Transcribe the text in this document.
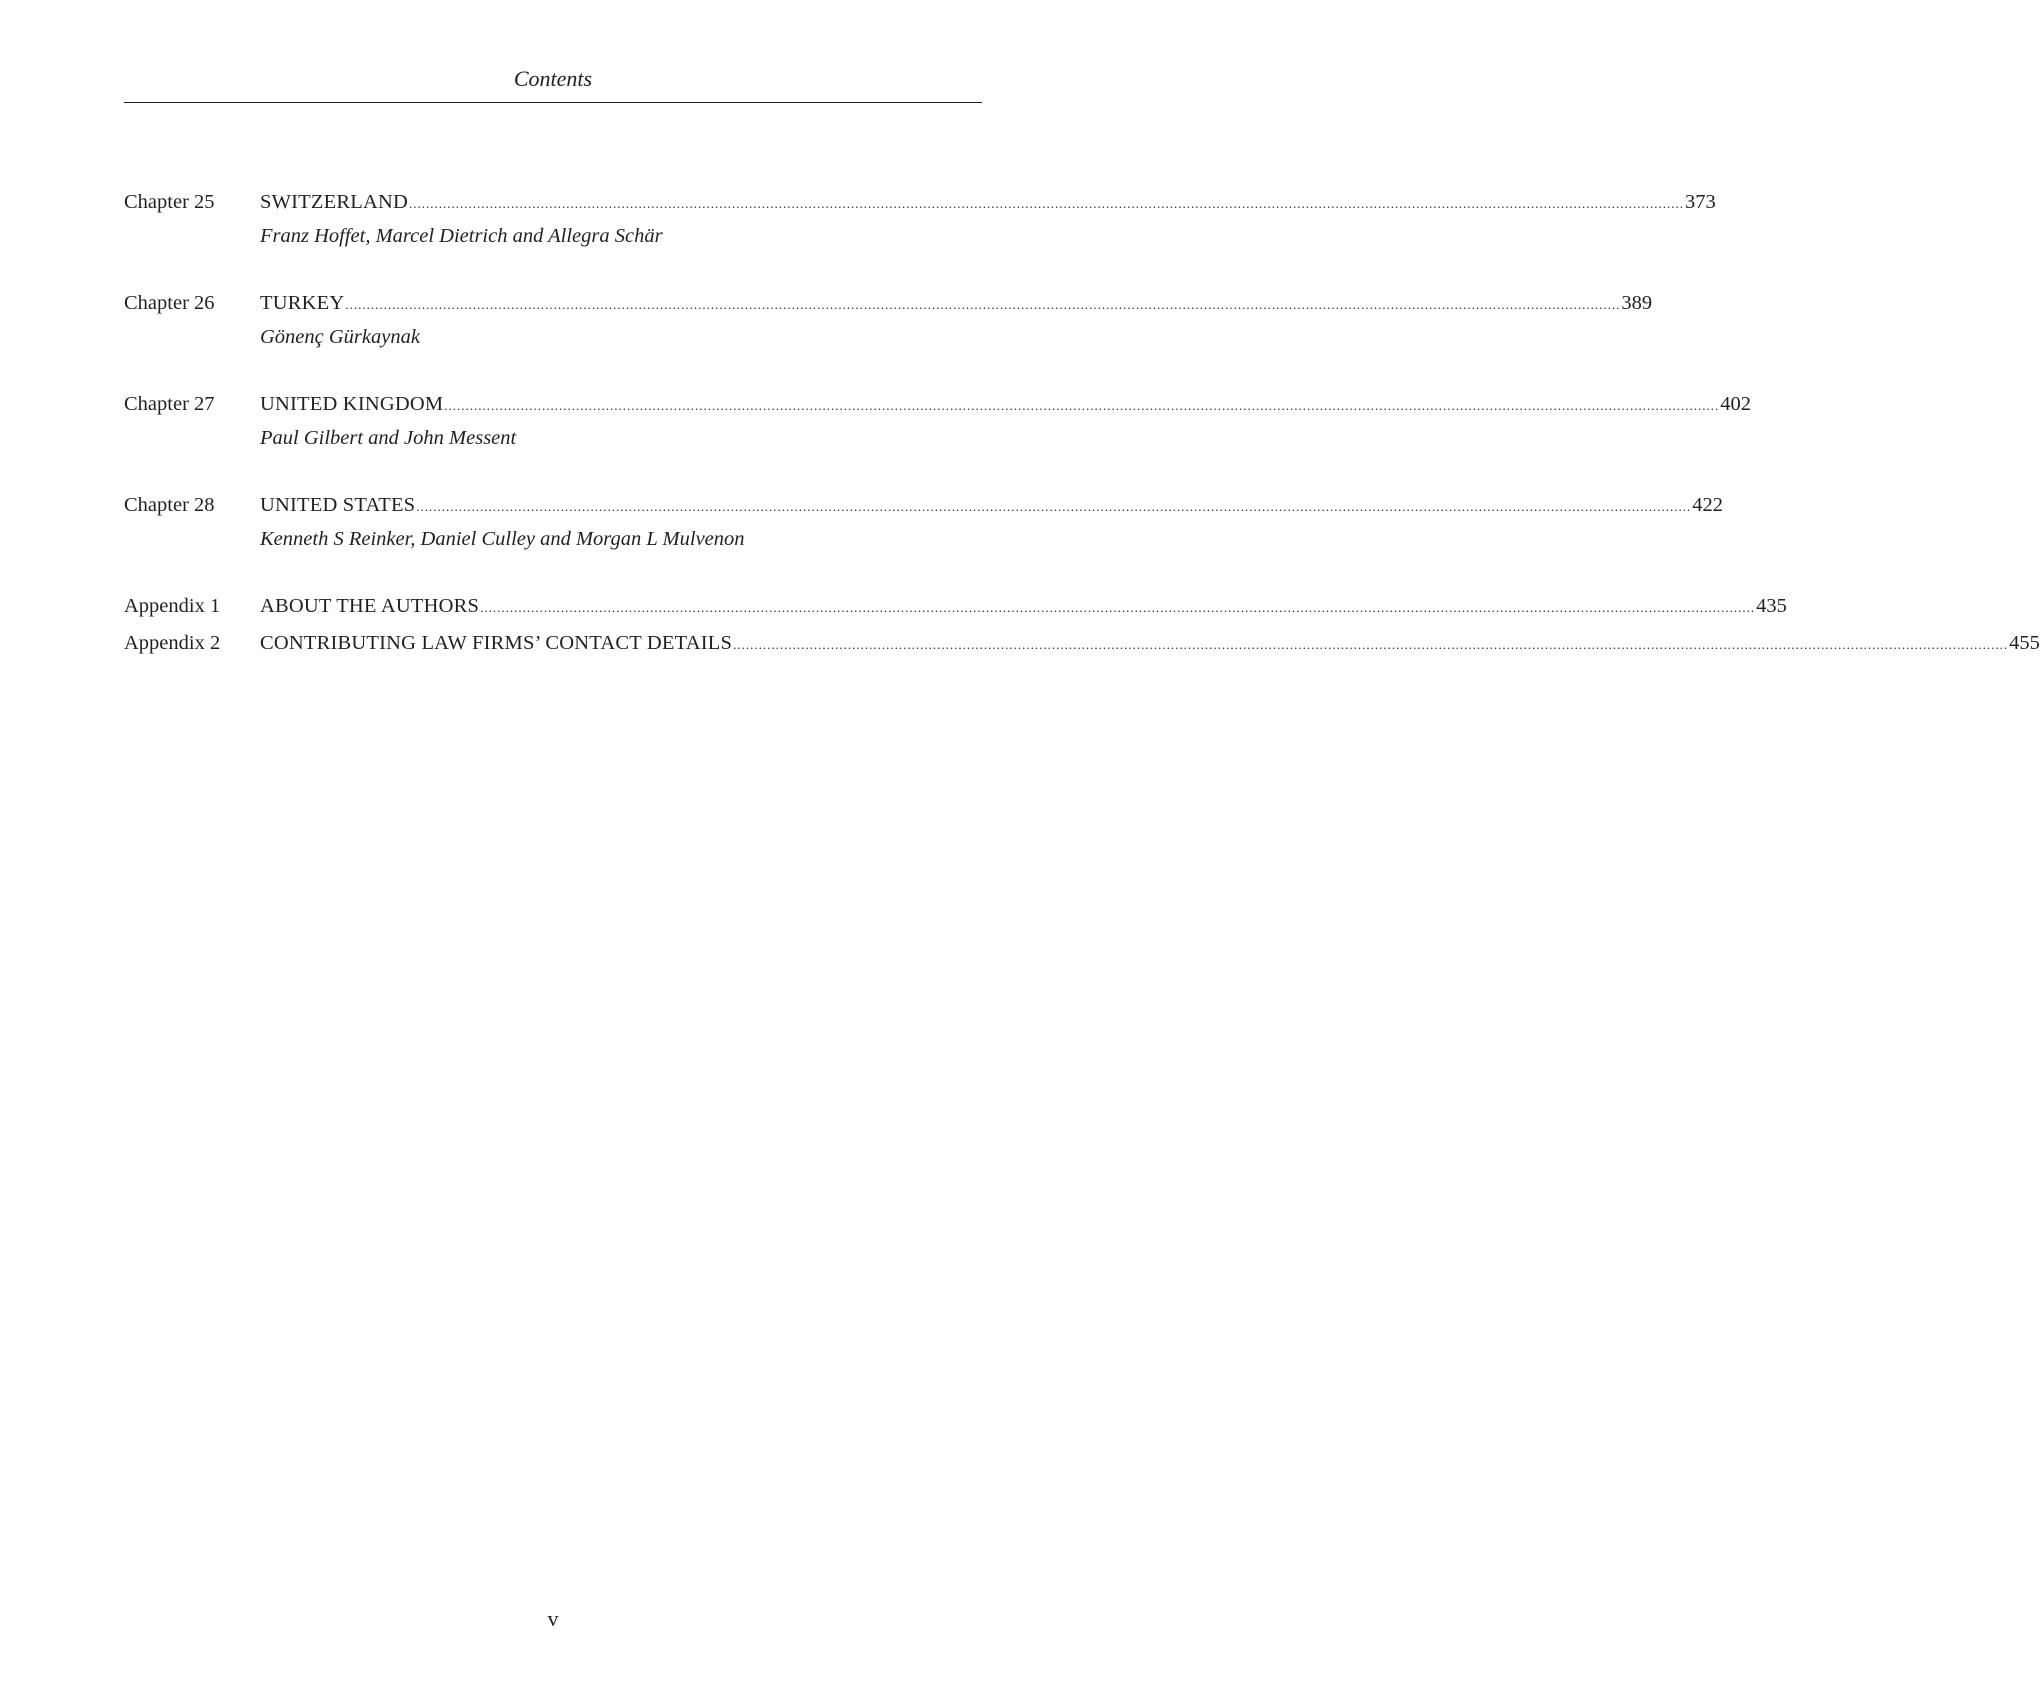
Contents
Chapter 25 SWITZERLAND ............................................................................................................................................................................................................................................................................................................ 373
Franz Hoffet, Marcel Dietrich and Allegra Schär
Chapter 26 TURKEY ............................................................................................................................................................................................................................................................................................................ 389
Gönenç Gürkaynak
Chapter 27 UNITED KINGDOM ............................................................................................................................................................................................................................................................................................................ 402
Paul Gilbert and John Messent
Chapter 28 UNITED STATES ............................................................................................................................................................................................................................................................................................................ 422
Kenneth S Reinker, Daniel Culley and Morgan L Mulvenon
Appendix 1 ABOUT THE AUTHORS ............................................................................................................................................................................................................................................................................................................ 435
Appendix 2 CONTRIBUTING LAW FIRMS’ CONTACT DETAILS ............................................................................................................................................................................................................................................................................................................ 455
v
